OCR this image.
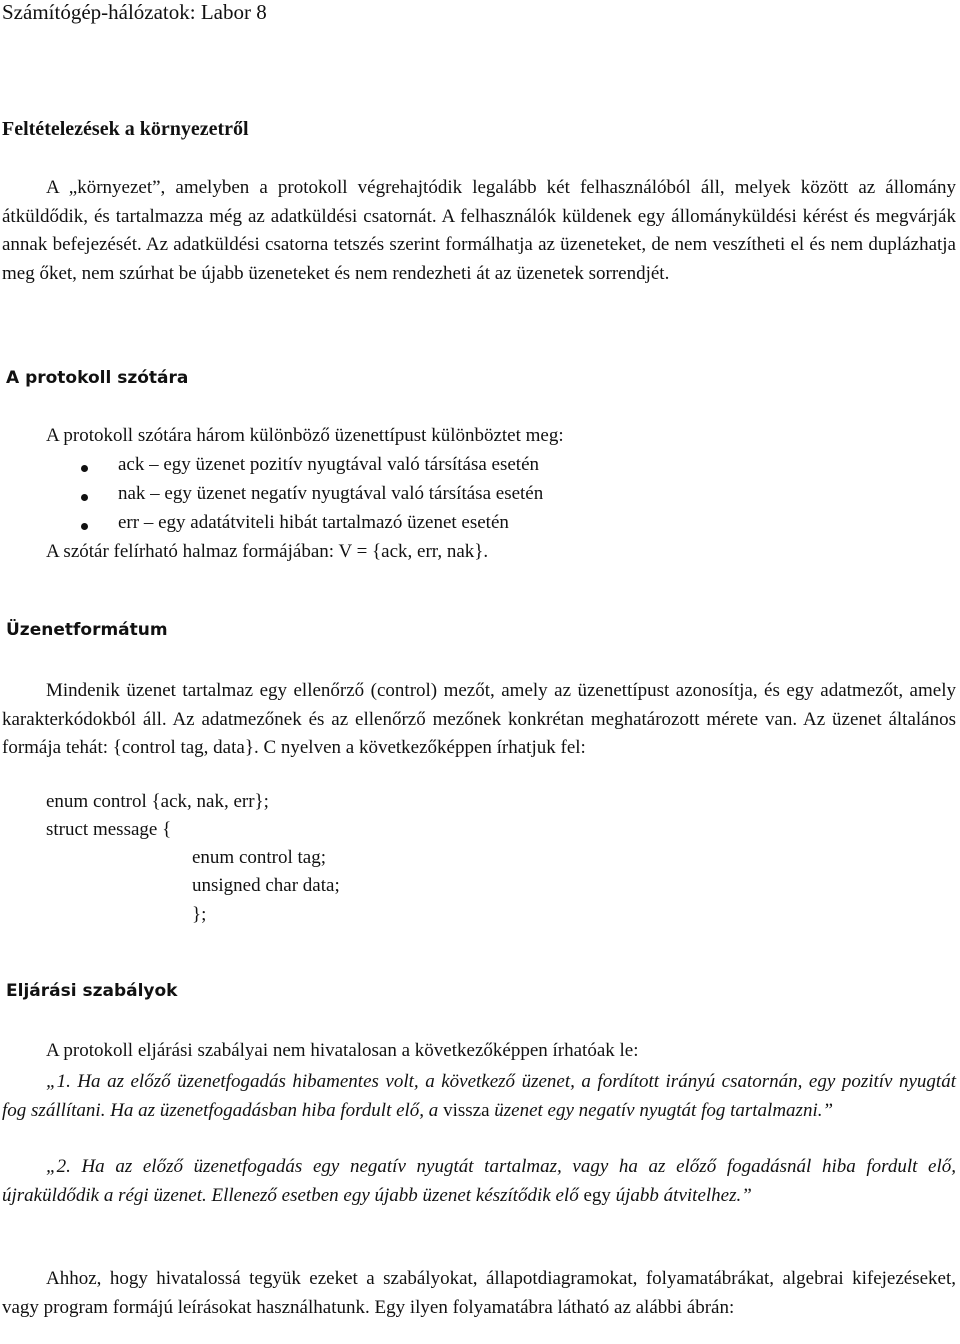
Számítógép-hálózatok: Labor 8
Feltételezések a környezetről
A „környezet”, amelyben a protokoll végrehajtódik legalább két felhasználóból áll, melyek között az állomány átküldődik, és tartalmazza még az adatküldési csatornát. A felhasználók küldenek egy állományküldési kérést és megvárják annak befejezését. Az adatküldési csatorna tetszés szerint formálhatja az üzeneteket, de nem veszítheti el és nem duplázhatja meg őket, nem szúrhat be újabb üzeneteket és nem rendezheti át az üzenetek sorrendjét.
A protokoll szótára
A protokoll szótára három különböző üzenettípust különböztet meg:
ack – egy üzenet pozitív nyugtával való társítása esetén
nak – egy üzenet negatív nyugtával való társítása esetén
err – egy adatátviteli hibát tartalmazó üzenet esetén
A szótár felírható halmaz formájában: V = {ack, err, nak}.
Üzenetformátum
Mindenik üzenet tartalmaz egy ellenőrző (control) mezőt, amely az üzenettípust azonosítja, és egy adatmezőt, amely karakterkódokból áll. Az adatmezőnek és az ellenőrző mezőnek konkrétan meghatározott mérete van. Az üzenet általános formája tehát: {control tag, data}. C nyelven a következőképpen írhatjuk fel:
enum control {ack, nak, err};
struct message {
enum control tag;
unsigned char data;
};
Eljárási szabályok
A protokoll eljárási szabályai nem hivatalosan a következőképpen írhatóak le:
„1. Ha az előző üzenetfogadás hibamentes volt, a következő üzenet, a fordított irányú csatornán, egy pozitív nyugtát fog szállítani. Ha az üzenetfogadásban hiba fordult elő, a vissza üzenet egy negatív nyugtát fog tartalmazni.”
„2. Ha az előző üzenetfogadás egy negatív nyugtát tartalmaz, vagy ha az előző fogadásnál hiba fordult elő, újraküldődik a régi üzenet. Ellenező esetben egy újabb üzenet készítődik elő egy újabb átvitelhez.”
Ahhoz, hogy hivatalossá tegyük ezeket a szabályokat, állapotdiagramokat, folyamatábrákat, algebrai kifejezéseket, vagy program formájú leírásokat használhatunk. Egy ilyen folyamatábra látható az alábbi ábrán:
